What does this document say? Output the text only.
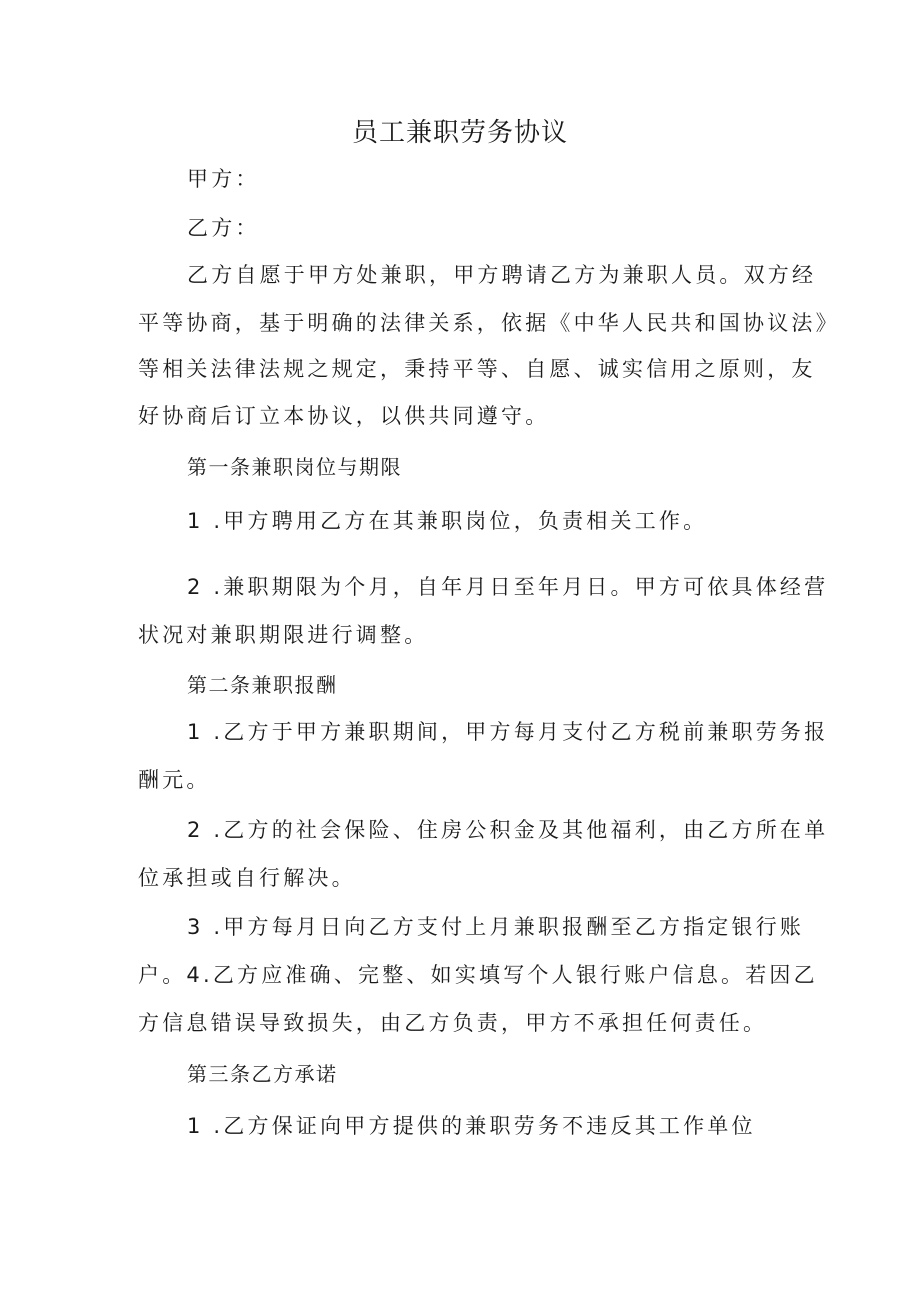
员工兼职劳务协议
甲方：
乙方：
乙方自愿于甲方处兼职，甲方聘请乙方为兼职人员。双方经
平等协商，基于明确的法律关系，依据《中华人民共和国协议法》
等相关法律法规之规定，秉持平等、自愿、诚实信用之原则，友
好协商后订立本协议，以供共同遵守。
第一条兼职岗位与期限
1 .甲方聘用乙方在其兼职岗位，负责相关工作。
2 .兼职期限为个月，自年月日至年月日。甲方可依具体经营
状况对兼职期限进行调整。
第二条兼职报酬
1 .乙方于甲方兼职期间，甲方每月支付乙方税前兼职劳务报
酬元。
2 .乙方的社会保险、住房公积金及其他福利，由乙方所在单
位承担或自行解决。
3 .甲方每月日向乙方支付上月兼职报酬至乙方指定银行账
户。4.乙方应准确、完整、如实填写个人银行账户信息。若因乙
方信息错误导致损失，由乙方负责，甲方不承担任何责任。
第三条乙方承诺
1 .乙方保证向甲方提供的兼职劳务不违反其工作单位
